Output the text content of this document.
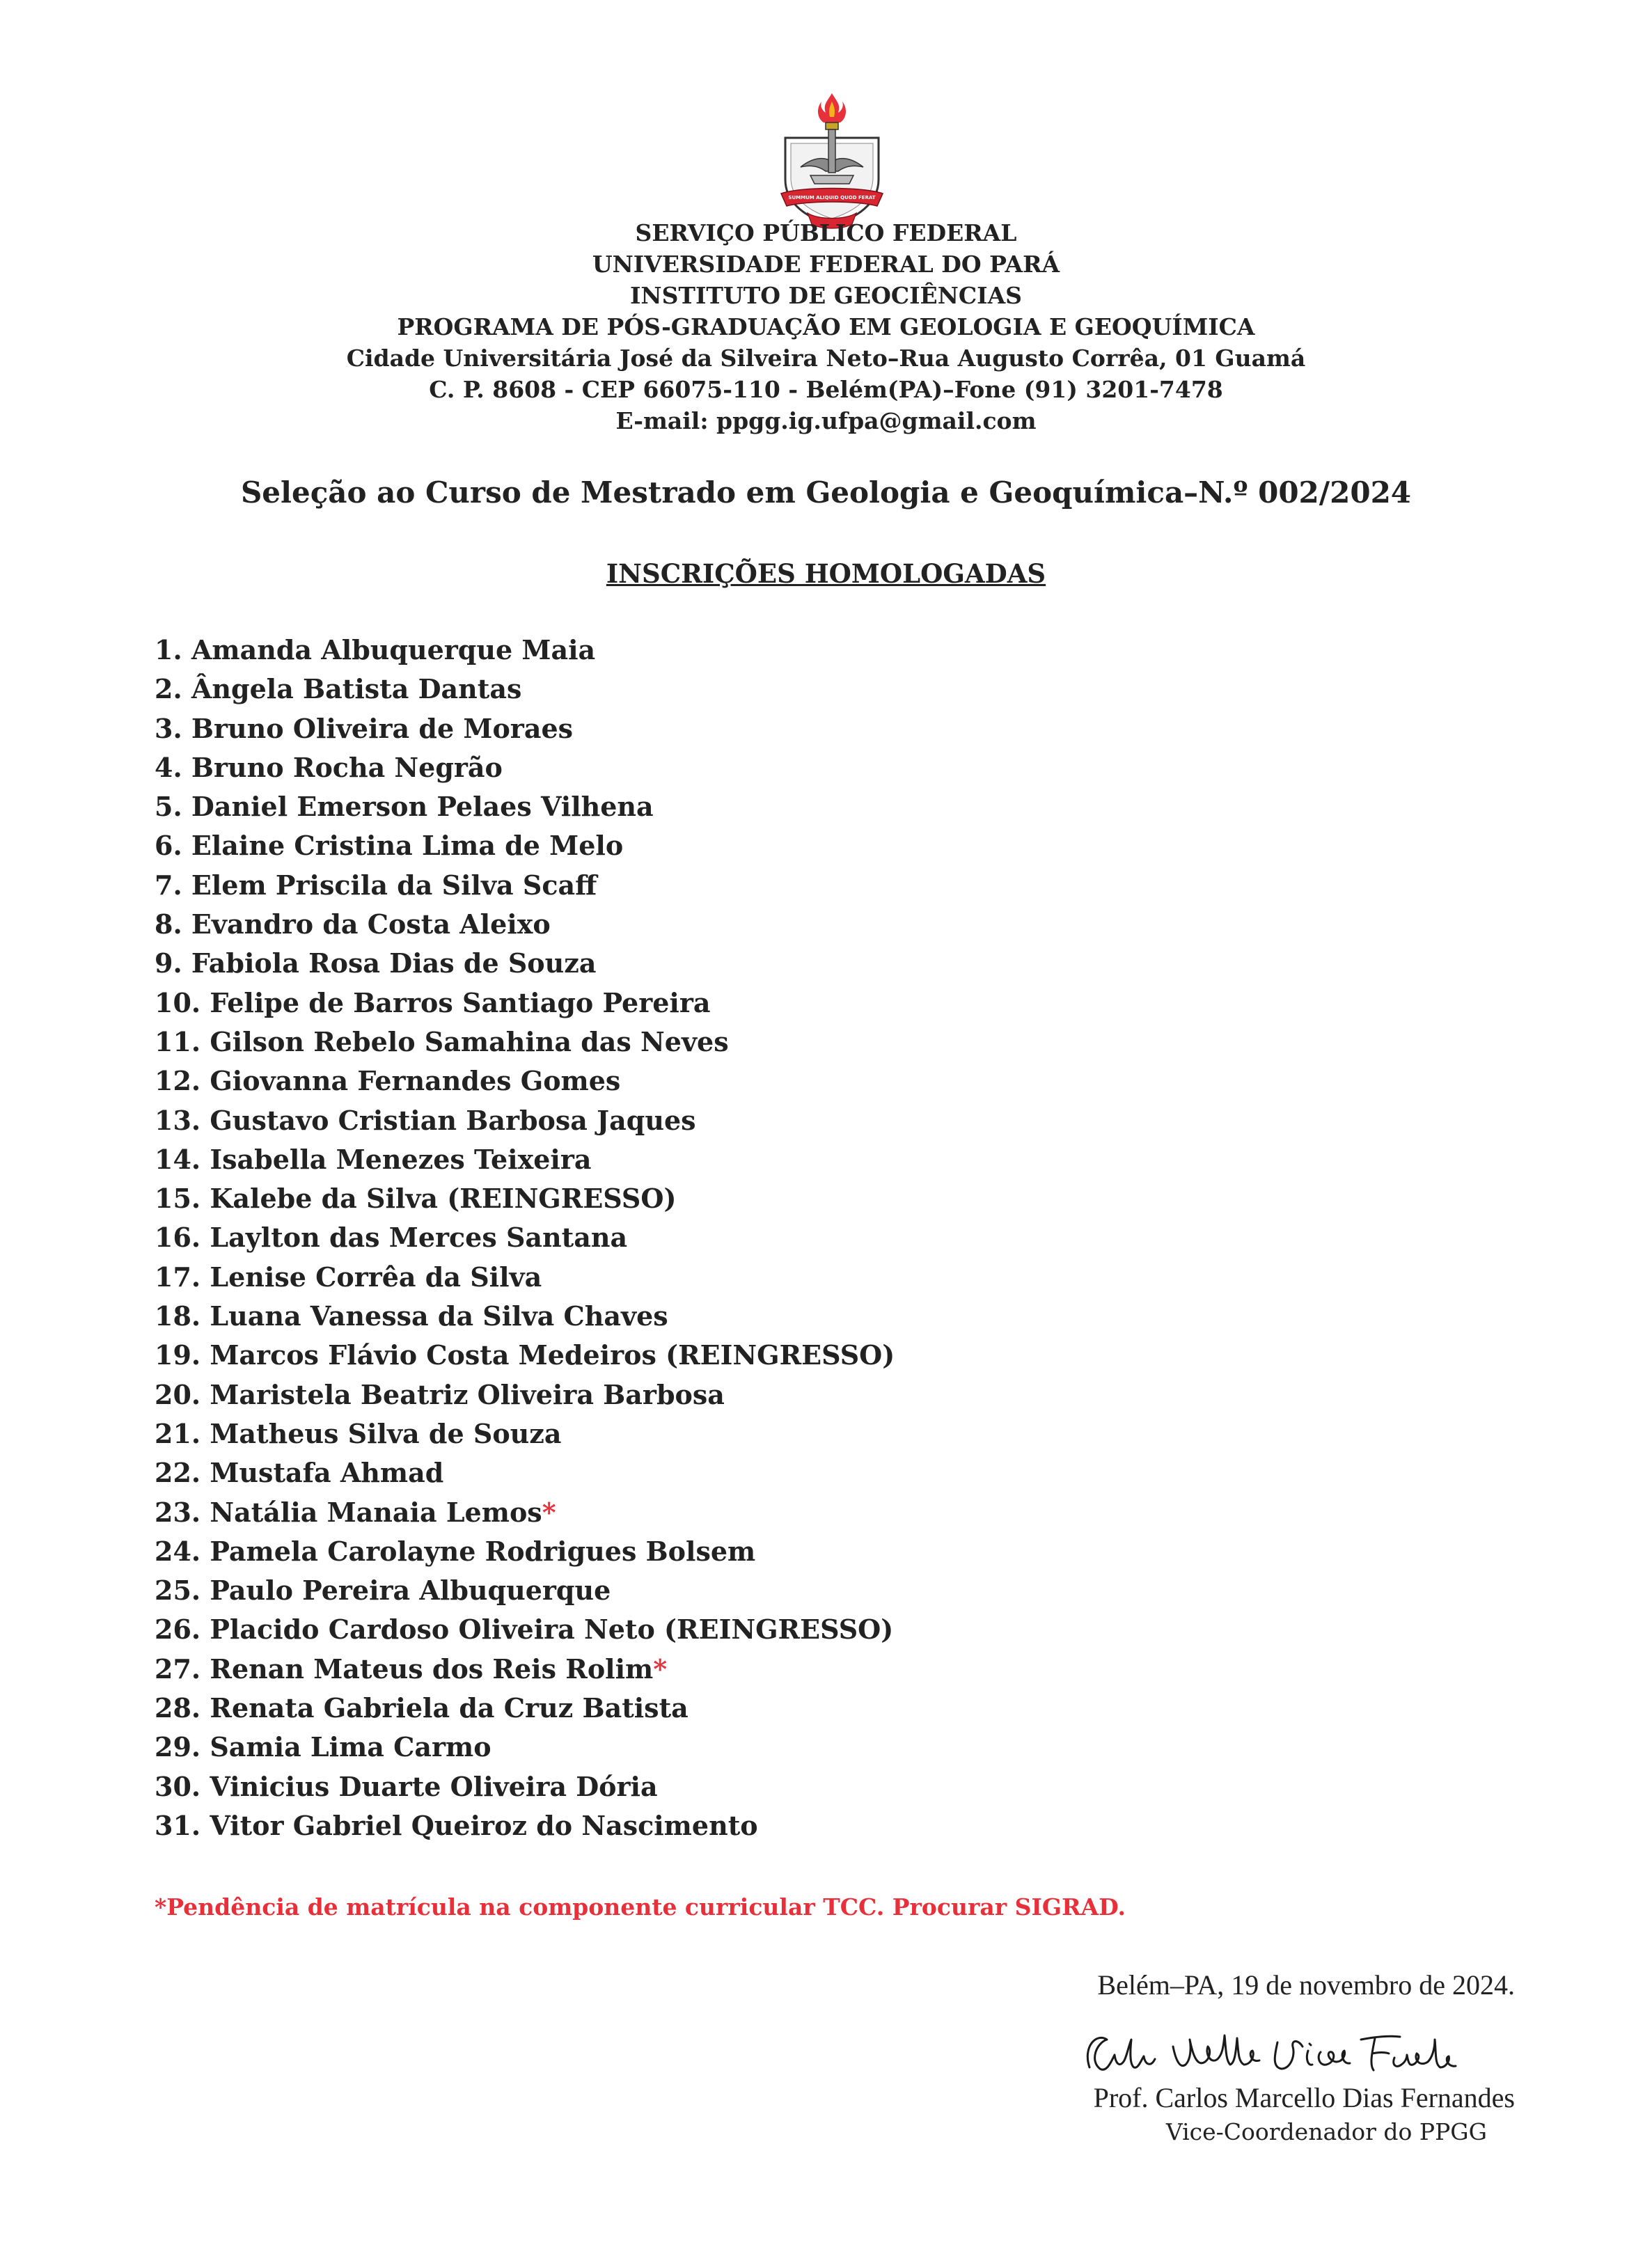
SUMMUM ALIQUID QUOD FERAT
SERVIÇO PÚBLICO FEDERAL
UNIVERSIDADE FEDERAL DO PARÁ
INSTITUTO DE GEOCIÊNCIAS
PROGRAMA DE PÓS-GRADUAÇÃO EM GEOLOGIA E GEOQUÍMICA
Cidade Universitária José da Silveira Neto–Rua Augusto Corrêa, 01 Guamá
C. P. 8608 - CEP 66075-110 - Belém(PA)–Fone (91) 3201-7478
E-mail: ppgg.ig.ufpa@gmail.com
Seleção ao Curso de Mestrado em Geologia e Geoquímica–N.º 002/2024
INSCRIÇÕES HOMOLOGADAS
1. Amanda Albuquerque Maia
2. Ângela Batista Dantas
3. Bruno Oliveira de Moraes
4. Bruno Rocha Negrão
5. Daniel Emerson Pelaes Vilhena
6. Elaine Cristina Lima de Melo
7. Elem Priscila da Silva Scaff
8. Evandro da Costa Aleixo
9. Fabiola Rosa Dias de Souza
10. Felipe de Barros Santiago Pereira
11. Gilson Rebelo Samahina das Neves
12. Giovanna Fernandes Gomes
13. Gustavo Cristian Barbosa Jaques
14. Isabella Menezes Teixeira
15. Kalebe da Silva (REINGRESSO)
16. Laylton das Merces Santana
17. Lenise Corrêa da Silva
18. Luana Vanessa da Silva Chaves
19. Marcos Flávio Costa Medeiros (REINGRESSO)
20. Maristela Beatriz Oliveira Barbosa
21. Matheus Silva de Souza
22. Mustafa Ahmad
23. Natália Manaia Lemos*
24. Pamela Carolayne Rodrigues Bolsem
25. Paulo Pereira Albuquerque
26. Placido Cardoso Oliveira Neto (REINGRESSO)
27. Renan Mateus dos Reis Rolim*
28. Renata Gabriela da Cruz Batista
29. Samia Lima Carmo
30. Vinicius Duarte Oliveira Dória
31. Vitor Gabriel Queiroz do Nascimento
*Pendência de matrícula na componente curricular TCC. Procurar SIGRAD.
Belém–PA, 19 de novembro de 2024.
Carlos Marcello Dias Fernandes
Prof. Carlos Marcello Dias Fernandes
Vice-Coordenador do PPGG
